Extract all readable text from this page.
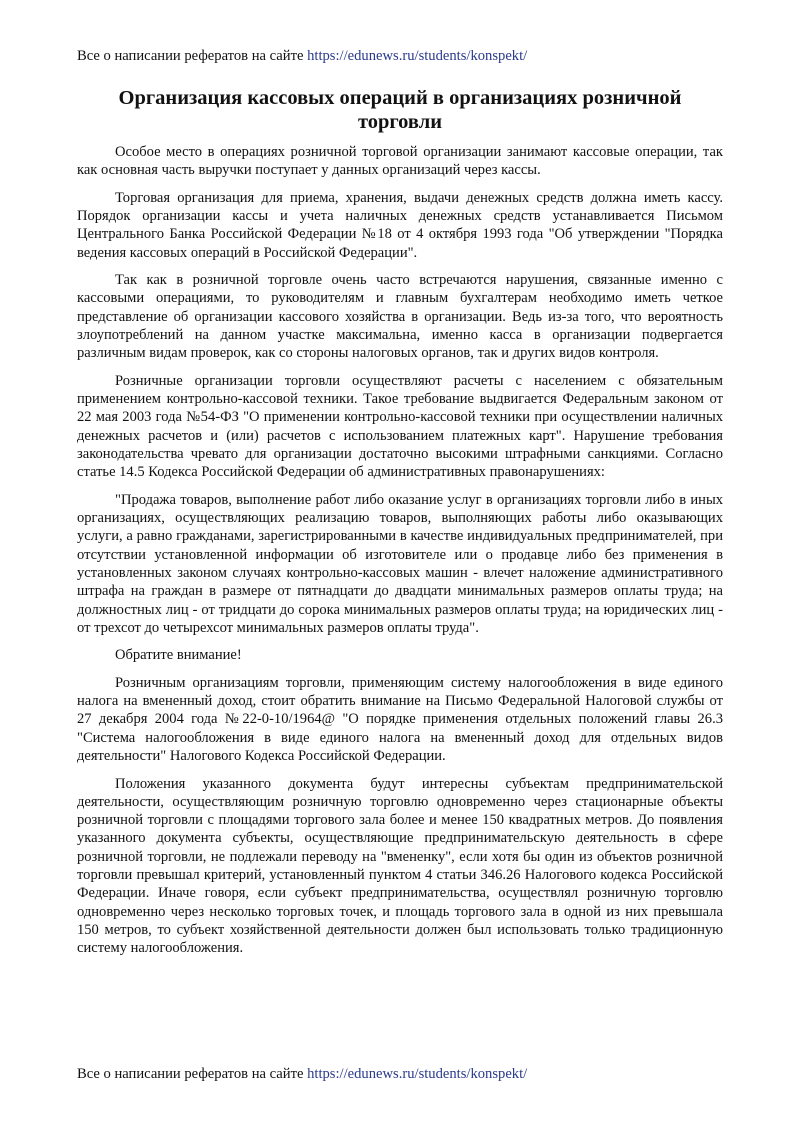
Все о написании рефератов на сайте https://edunews.ru/students/konspekt/
Организация кассовых операций в организациях розничной торговли

Особое место в операциях розничной торговой организации занимают кассовые операции, так как основная часть выручки поступает у данных организаций через кассы.

Торговая организация для приема, хранения, выдачи денежных средств должна иметь кассу. Порядок организации кассы и учета наличных денежных средств устанавливается Письмом Центрального Банка Российской Федерации №18 от 4 октября 1993 года "Об утверждении "Порядка ведения кассовых операций в Российской Федерации".

Так как в розничной торговле очень часто встречаются нарушения, связанные именно с кассовыми операциями, то руководителям и главным бухгалтерам необходимо иметь четкое представление об организации кассового хозяйства в организации. Ведь из-за того, что вероятность злоупотреблений на данном участке максимальна, именно касса в организации подвергается различным видам проверок, как со стороны налоговых органов, так и других видов контроля.

Розничные организации торговли осуществляют расчеты с населением с обязательным применением контрольно-кассовой техники. Такое требование выдвигается Федеральным законом от 22 мая 2003 года №54-ФЗ "О применении контрольно-кассовой техники при осуществлении наличных денежных расчетов и (или) расчетов с использованием платежных карт". Нарушение требования законодательства чревато для организации достаточно высокими штрафными санкциями. Согласно статье 14.5 Кодекса Российской Федерации об административных правонарушениях:

"Продажа товаров, выполнение работ либо оказание услуг в организациях торговли либо в иных организациях, осуществляющих реализацию товаров, выполняющих работы либо оказывающих услуги, а равно гражданами, зарегистрированными в качестве индивидуальных предпринимателей, при отсутствии установленной информации об изготовителе или о продавце либо без применения в установленных законом случаях контрольно-кассовых машин - влечет наложение административного штрафа на граждан в размере от пятнадцати до двадцати минимальных размеров оплаты труда; на должностных лиц - от тридцати до сорока минимальных размеров оплаты труда; на юридических лиц - от трехсот до четырехсот минимальных размеров оплаты труда".

Обратите внимание!

Розничным организациям торговли, применяющим систему налогообложения в виде единого налога на вмененный доход, стоит обратить внимание на Письмо Федеральной Налоговой службы от 27 декабря 2004 года №22-0-10/1964@ "О порядке применения отдельных положений главы 26.3 "Система налогообложения в виде единого налога на вмененный доход для отдельных видов деятельности" Налогового Кодекса Российской Федерации.

Положения указанного документа будут интересны субъектам предпринимательской деятельности, осуществляющим розничную торговлю одновременно через стационарные объекты розничной торговли с площадями торгового зала более и менее 150 квадратных метров. До появления указанного документа субъекты, осуществляющие предпринимательскую деятельность в сфере розничной торговли, не подлежали переводу на "вмененку", если хотя бы один из объектов розничной торговли превышал критерий, установленный пунктом 4 статьи 346.26 Налогового кодекса Российской Федерации. Иначе говоря, если субъект предпринимательства, осуществлял розничную торговлю одновременно через несколько торговых точек, и площадь торгового зала в одной из них превышала 150 метров, то субъект хозяйственной деятельности должен был использовать только традиционную систему налогообложения.

Все о написании рефератов на сайте https://edunews.ru/students/konspekt/
